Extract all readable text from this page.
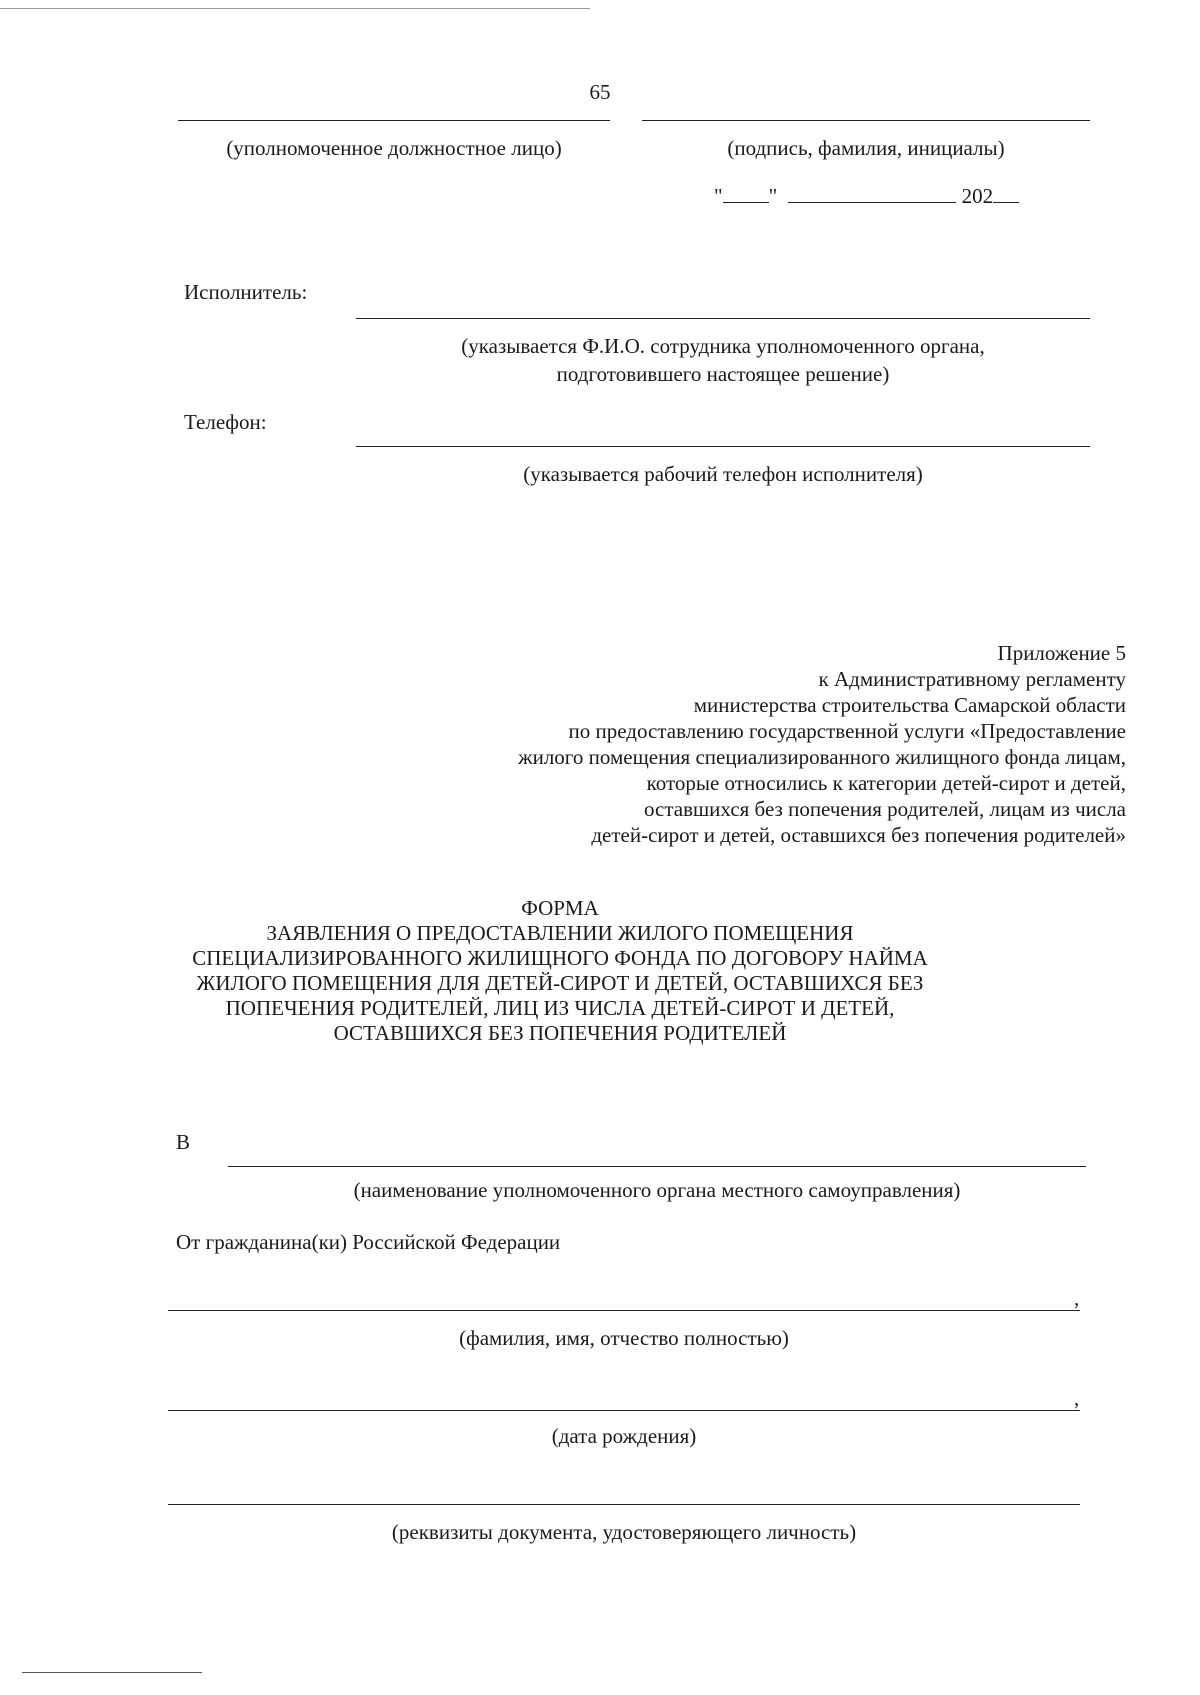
65
(уполномоченное должностное лицо)	(подпись, фамилия, инициалы)
" "	202
Исполнитель:
(указывается Ф.И.О. сотрудника уполномоченного органа,
подготовившего настоящее решение)
Телефон:
(указывается рабочий телефон исполнителя)
Приложение 5
к Административному регламенту
министерства строительства Самарской области
по предоставлению государственной услуги «Предоставление
жилого помещения специализированного жилищного фонда лицам,
которые относились к категории детей-сирот и детей,
оставшихся без попечения родителей, лицам из числа
детей-сирот и детей, оставшихся без попечения родителей»
ФОРМА
ЗАЯВЛЕНИЯ О ПРЕДОСТАВЛЕНИИ ЖИЛОГО ПОМЕЩЕНИЯ
СПЕЦИАЛИЗИРОВАННОГО ЖИЛИЩНОГО ФОНДА ПО ДОГОВОРУ НАЙМА
ЖИЛОГО ПОМЕЩЕНИЯ ДЛЯ ДЕТЕЙ-СИРОТ И ДЕТЕЙ, ОСТАВШИХСЯ БЕЗ
ПОПЕЧЕНИЯ РОДИТЕЛЕЙ, ЛИЦ ИЗ ЧИСЛА ДЕТЕЙ-СИРОТ И ДЕТЕЙ,
ОСТАВШИХСЯ БЕЗ ПОПЕЧЕНИЯ РОДИТЕЛЕЙ
В
(наименование уполномоченного органа местного самоуправления)
От гражданина(ки) Российской Федерации
,
(фамилия, имя, отчество полностью)
,
(дата рождения)
(реквизиты документа, удостоверяющего личность)
